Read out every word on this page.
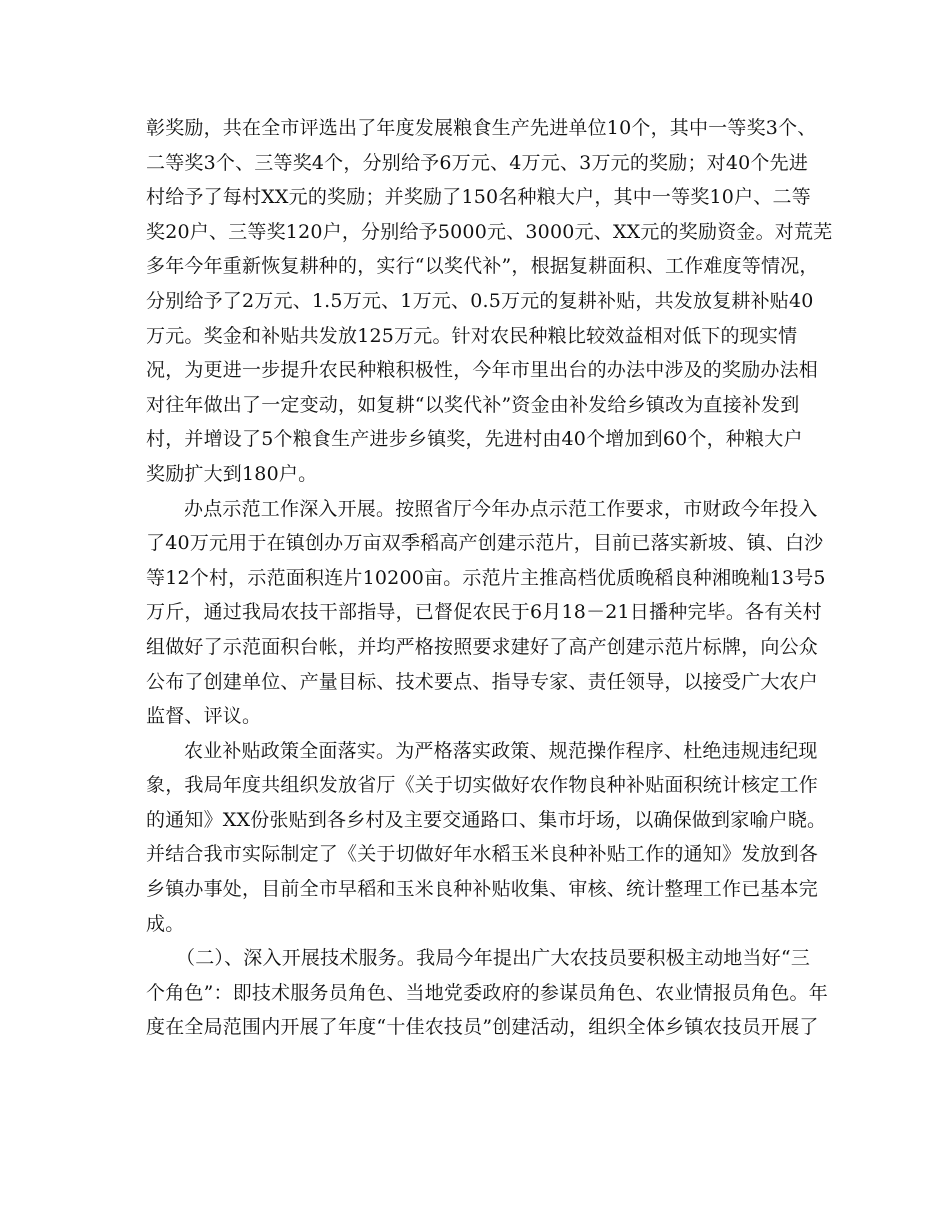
彰奖励，共在全市评选出了年度发展粮食生产先进单位10个，其中一等奖3个、
二等奖3个、三等奖4个，分别给予6万元、4万元、3万元的奖励；对40个先进
村给予了每村XX元的奖励；并奖励了150名种粮大户，其中一等奖10户、二等
奖20户、三等奖120户，分别给予5000元、3000元、XX元的奖励资金。对荒芜
多年今年重新恢复耕种的，实行“以奖代补”，根据复耕面积、工作难度等情况，
分别给予了2万元、1.5万元、1万元、0.5万元的复耕补贴，共发放复耕补贴40
万元。奖金和补贴共发放125万元。针对农民种粮比较效益相对低下的现实情
况，为更进一步提升农民种粮积极性，今年市里出台的办法中涉及的奖励办法相
对往年做出了一定变动，如复耕“以奖代补”资金由补发给乡镇改为直接补发到
村，并增设了5个粮食生产进步乡镇奖，先进村由40个增加到60个，种粮大户
奖励扩大到180户。
办点示范工作深入开展。按照省厅今年办点示范工作要求，市财政今年投入
了40万元用于在镇创办万亩双季稻高产创建示范片，目前已落实新坡、镇、白沙
等12个村，示范面积连片10200亩。示范片主推高档优质晚稻良种湘晚籼13号5
万斤，通过我局农技干部指导，已督促农民于6月18－21日播种完毕。各有关村
组做好了示范面积台帐，并均严格按照要求建好了高产创建示范片标牌，向公众
公布了创建单位、产量目标、技术要点、指导专家、责任领导，以接受广大农户
监督、评议。
农业补贴政策全面落实。为严格落实政策、规范操作程序、杜绝违规违纪现
象，我局年度共组织发放省厅《关于切实做好农作物良种补贴面积统计核定工作
的通知》XX份张贴到各乡村及主要交通路口、集市圩场，以确保做到家喻户晓。
并结合我市实际制定了《关于切做好年水稻玉米良种补贴工作的通知》发放到各
乡镇办事处，目前全市早稻和玉米良种补贴收集、审核、统计整理工作已基本完
成。
（二）、深入开展技术服务。我局今年提出广大农技员要积极主动地当好“三
个角色”：即技术服务员角色、当地党委政府的参谋员角色、农业情报员角色。年
度在全局范围内开展了年度“十佳农技员”创建活动，组织全体乡镇农技员开展了
